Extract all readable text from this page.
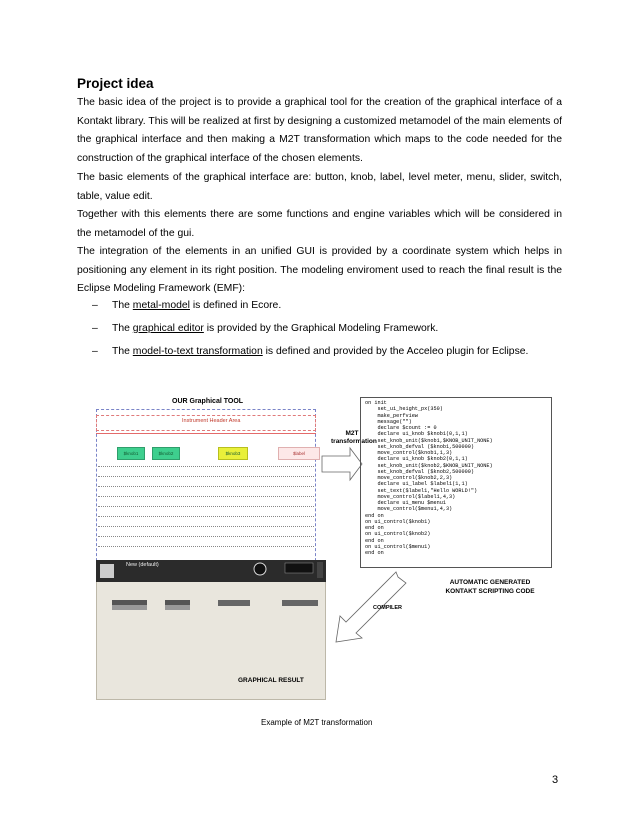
Project idea

The basic idea of the project is to provide a graphical tool for the creation of the graphical interface of a Kontakt library. This will be realized at first by designing a customized metamodel of the main elements of the graphical interface and then making a M2T transformation which maps to the code needed for the construction of the graphical interface of the chosen elements.

The basic elements of the graphical interface are: button, knob, label, level meter, menu, slider, switch, table, value edit.

Together with this elements there are some functions and engine variables which will be considered in the metamodel of the gui.

The integration of the elements in an unified GUI is provided by a coordinate system which helps in positioning any element in its right position. The modeling enviroment used to reach the final result is the Eclipse Modeling Framework (EMF):

– The metal-model is defined in Ecore.
– The graphical editor is provided by the Graphical Modeling Framework.
– The model-to-text transformation is defined and provided by the Acceleo plugin for Eclipse.
OUR Graphical TOOL
Instrument Header Area
$knob1	$knob2	$knob3	$label
M2T transformation
on init
set_ui_height_px(350)
make_perfview
message("")
declare $count := 0
declare ui_knob $knob1(0,1,1)
set_knob_unit($knob1,$KNOB_UNIT_NONE)
set_knob_defval ($knob1,500000)
move_control($knob1,1,3)
declare ui_knob $knob2(0,1,1)
set_knob_unit($knob2,$KNOB_UNIT_NONE)
set_knob_defval ($knob2,500000)
move_control($knob2,2,3)
declare ui_label $label1(1,1)
set_text($label1,"Hello WORLD!")
move_control($label1,4,3)
declare ui_menu $menu1
move_control($menu1,4,3)
end on
on ui_control($knob1)
end on
on ui_control($knob2)
end on
on ui_control($menu1)
end on
AUTOMATIC GENERATED KONTAKT SCRIPTING CODE
COMPILER
New (default)
GRAPHICAL RESULT
Example of M2T transformation
3
